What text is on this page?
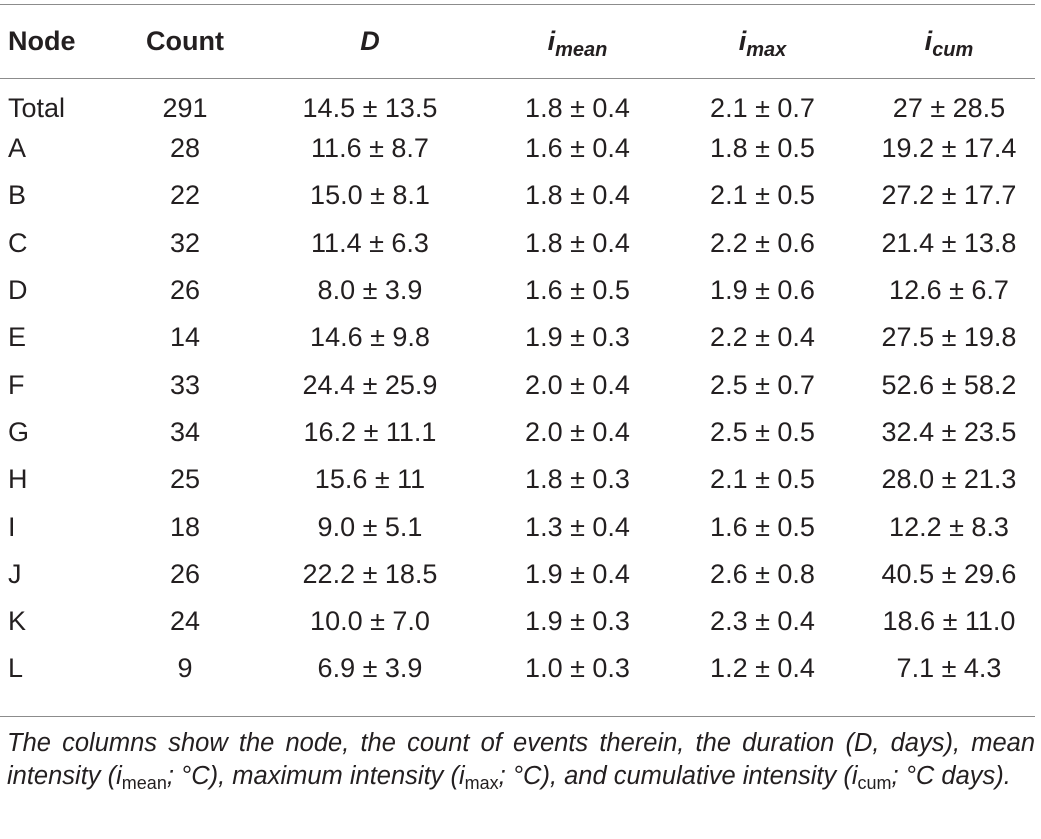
Node	Count	D	$i_{mean}$	$i_{max}$	$i_{cum}$
Total	291	14.5 ± 13.5	1.8 ± 0.4	2.1 ± 0.7	27 ± 28.5
A	28	11.6 ± 8.7	1.6 ± 0.4	1.8 ± 0.5	19.2 ± 17.4
B	22	15.0 ± 8.1	1.8 ± 0.4	2.1 ± 0.5	27.2 ± 17.7
C	32	11.4 ± 6.3	1.8 ± 0.4	2.2 ± 0.6	21.4 ± 13.8
D	26	8.0 ± 3.9	1.6 ± 0.5	1.9 ± 0.6	12.6 ± 6.7
E	14	14.6 ± 9.8	1.9 ± 0.3	2.2 ± 0.4	27.5 ± 19.8
F	33	24.4 ± 25.9	2.0 ± 0.4	2.5 ± 0.7	52.6 ± 58.2
G	34	16.2 ± 11.1	2.0 ± 0.4	2.5 ± 0.5	32.4 ± 23.5
H	25	15.6 ± 11	1.8 ± 0.3	2.1 ± 0.5	28.0 ± 21.3
I	18	9.0 ± 5.1	1.3 ± 0.4	1.6 ± 0.5	12.2 ± 8.3
J	26	22.2 ± 18.5	1.9 ± 0.4	2.6 ± 0.8	40.5 ± 29.6
K	24	10.0 ± 7.0	1.9 ± 0.3	2.3 ± 0.4	18.6 ± 11.0
L	9	6.9 ± 3.9	1.0 ± 0.3	1.2 ± 0.4	7.1 ± 4.3
The columns show the node, the count of events therein, the duration (D, days), mean intensity ($i_{mean}$; °C), maximum intensity ($i_{max}$; °C), and cumulative intensity ($i_{cum}$; °C days).
